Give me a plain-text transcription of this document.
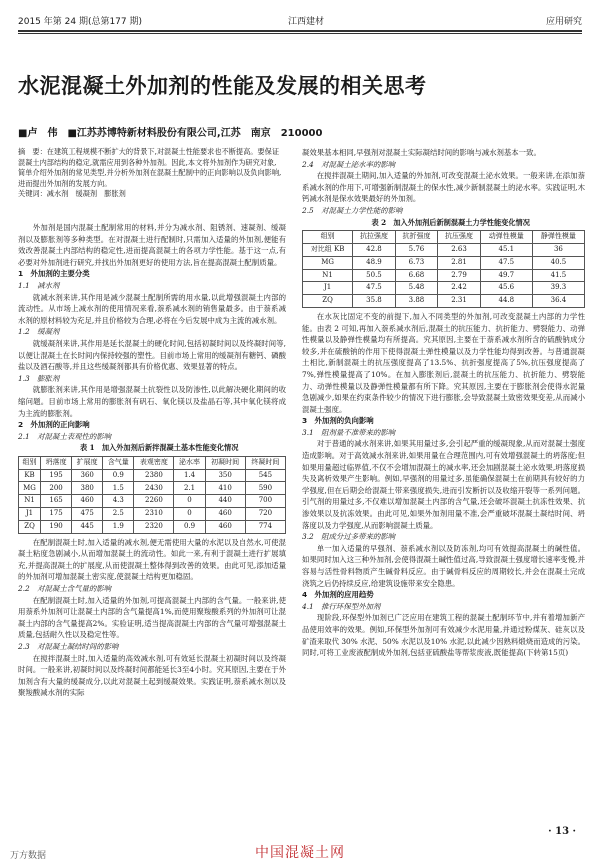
2015 年第 24 期(总第177 期)	江西建材	应用研究
水泥混凝土外加剂的性能及发展的相关思考
■卢　伟　■江苏苏博特新材料股份有限公司,江苏　南京　210000
摘　要：在建筑工程规模不断扩大的背景下,对混凝土性能要求也不断提高。要保证混凝土内部结构的稳定,就需应用到各种外加剂。因此,本文将外加剂作为研究对象,简单介绍外加剂的常见类型,并分析外加剂在混凝土配制中的正向影响以及负向影响,进而提出外加剂的发展方向。
关键词：减水剂　缓凝剂　膨胀剂

外加剂是国内混凝土配制常用的材料,并分为减水剂、阻锈剂、速凝剂、缓凝剂以及膨胀剂等多种类型。在对混凝土进行配制时,只需加入适量的外加剂,便能有效改善混凝土内部结构的稳定性,进而提高混凝土的各项力学性能。基于这一点,有必要对外加剂进行研究,并找出外加剂更好的使用方法,旨在提高混凝土配制质量。

1　外加剂的主要分类

1.1　减水剂

就减水剂来讲,其作用是减少混凝土配制所需的用水量,以此增强混凝土内部的流动性。从市场上减水剂的使用情况来看,萘系减水剂的销售量最多。由于萘系减水剂的原材料较为充足,并且价格较为合理,必将在今后发展中成为主流的减水剂。

1.2　缓凝剂

就缓凝剂来讲,其作用是延长混凝土的硬化时间,包括初凝时间以及终凝时间等,以便让混凝土在长时间内保持较强的塑性。目前市场上常用的缓凝剂有糖钙、磷酸盐以及酒石酸等,并且这些缓凝剂都具有价格优惠、效果显著的特点。

1.3　膨胀剂

就膨胀剂来讲,其作用是增强混凝土抗裂性以及防渗性,以此解决硬化期间的收缩问题。目前市场上常用的膨胀剂有矾石、氧化镁以及盐晶石等,其中氧化镁将成为主流的膨胀剂。

2　外加剂的正向影响

2.1　对混凝土表观性的影响

表 1　加入外加剂后新拌混凝土基本性能变化情况

组别	坍落度	扩展度	含气量	表观密度	泌水率	初凝时间	终凝时间
KB	195	360	0.9	2380	1.4	350	545
MG	200	380	1.5	2430	2.1	410	590
N1	165	460	4.3	2260	0	440	700
J1	175	475	2.5	2310	0	460	720
ZQ	190	445	1.9	2320	0.9	460	774

在配制混凝土时,加入适量的减水剂,便无需使用大量的水泥以及自然水,可使混凝土粘度急剧减小,从而增加混凝土的流动性。如此一来,有利于混凝土进行扩展填充,并提高混凝土的扩展度,从而使混凝土整体得到改善的效果。由此可见,添加适量的外加剂可增加混凝土密实度,使混凝土结构更加稳固。

2.2　对混凝土含气量的影响

在配制混凝土时,加入适量的外加剂,可提高混凝土内部的含气量。一般来讲,使用萘系外加剂可让混凝土内部的含气量提高1%,而使用聚羧酸系列的外加剂可让混凝土内部的含气量提高2%。实验证明,适当提高混凝土内部的含气量可增强混凝土质量,包括耐久性以及稳定性等。

2.3　对混凝土凝结时间的影响

在搅拌混凝土时,加入适量的高效减水剂,可有效延长混凝土初凝时间以及终凝时间。一般来讲,初凝时间以及终凝时间都能延长3至4小时。究其原因,主要在于外加剂含有大量的缓凝成分,以此对混凝土起到缓凝效果。实践证明,萘系减水剂以及聚羧酸减水剂的实际

凝效果基本相同,早强剂对混凝土实际凝结时间的影响与减水剂基本一致。

2.4　对混凝土泌水率的影响

在搅拌混凝土期间,加入适量的外加剂,可改变混凝土泌水效果。一般来讲,在添加萘系减水剂的作用下,可增强新制混凝土的保水性,减少新制混凝土的泌水率。实践证明,木钙减水剂是保水效果最好的外加剂。

2.5　对混凝土力学性能的影响

表 2　加入外加剂后新制混凝土力学性能变化情况

组别	抗拉强度	抗折强度	抗压强度	动弹性模量	静弹性模量
对比组 KB	42.8	5.76	2.63	45.1	36
MG	48.9	6.73	2.81	47.5	40.5
N1	50.5	6.68	2.79	49.7	41.5
J1	47.5	5.48	2.42	45.6	39.3
ZQ	35.8	3.88	2.31	44.8	36.4

在水灰比固定不变的前提下,加入不同类型的外加剂,可改变混凝土内部的力学性能。由表 2 可知,再加入萘系减水剂后,混凝土的抗压能力、抗折能力、劈裂能力、动弹性模量以及静弹性模量均有所提高。究其原因,主要在于萘系减水剂所含的硫酸钠成分较多,并在硫酸钠的作用下使得混凝土弹性模量以及力学性能均得到改善。与普通混凝土相比,新制混凝土的抗压强度提高了13.5%、抗折强度提高了5%,抗压强度提高了7%,弹性模量提高了10%。在加入膨胀剂后,混凝土的抗压能力、抗折能力、劈裂能力、动弹性模量以及静弹性模量都有所下降。究其原因,主要在于膨胀剂会使得水泥量急剧减少,如果在约束条件较少的情况下进行膨胀,会导致混凝土致密效果变差,从而减小混凝土强度。

3　外加剂的负向影响

3.1　阻剂量不准带来的影响

对于普通的减水剂来讲,如果其用量过多,会引起严重的缓凝现象,从而对混凝土强度造成影响。对于高效减水剂来讲,如果用量在合理范围内,可有效增强混凝土的坍落度;但如果用量超过临界值,不仅不会增加混凝土的减水率,还会加剧混凝土泌水效果,坍落度损失及离析效果产生影响。例如,早强剂的用量过多,虽能确保混凝土在前期具有较好的力学强度,但在后期会给混凝土带来强度损失,进而引发断折以及收缩开裂等一系列问题。引气剂的用量过多,不仅难以增加混凝土内部的含气量,还会破坏混凝土抗冻性效果、抗渗效果以及抗冻效果。由此可见,如果外加剂用量不准,会严重破坏混凝土凝结时间、坍落度以及力学强度,从而影响混凝土质量。

3.2　阻成分过多带来的影响

单一加入适量的早强剂、萘系减水剂以及防冻剂,均可有效提高混凝土的碱性值。如果同时加入这三种外加剂,会使得混凝土碱性值过高,导致混凝土强度增长速率变慢,并容易与活性骨料物质产生碱骨料反应。由于碱骨料反应的周期较长,并会在混凝土完成浇筑之后仍持续反应,给建筑设施带来安全隐患。

4　外加剂的应用趋势

4.1　推行环保型外加剂

现阶段,环保型外加剂已广泛应用在建筑工程的混凝土配制环节中,并有着增加新产品使用效率的效果。例如,环保型外加剂可有效减少水泥用量,并通过粉煤灰、硅灰以及矿渣来取代 30% 水泥、50% 水泥以及10% 水泥,以此减少因熟料煅烧而造成的污染。同时,可将工业废液配制成外加剂,包括亚硫酸盐等帮浆废液,既能提高(下转第15页)

· 13 ·
中国混凝土网
万方数据
